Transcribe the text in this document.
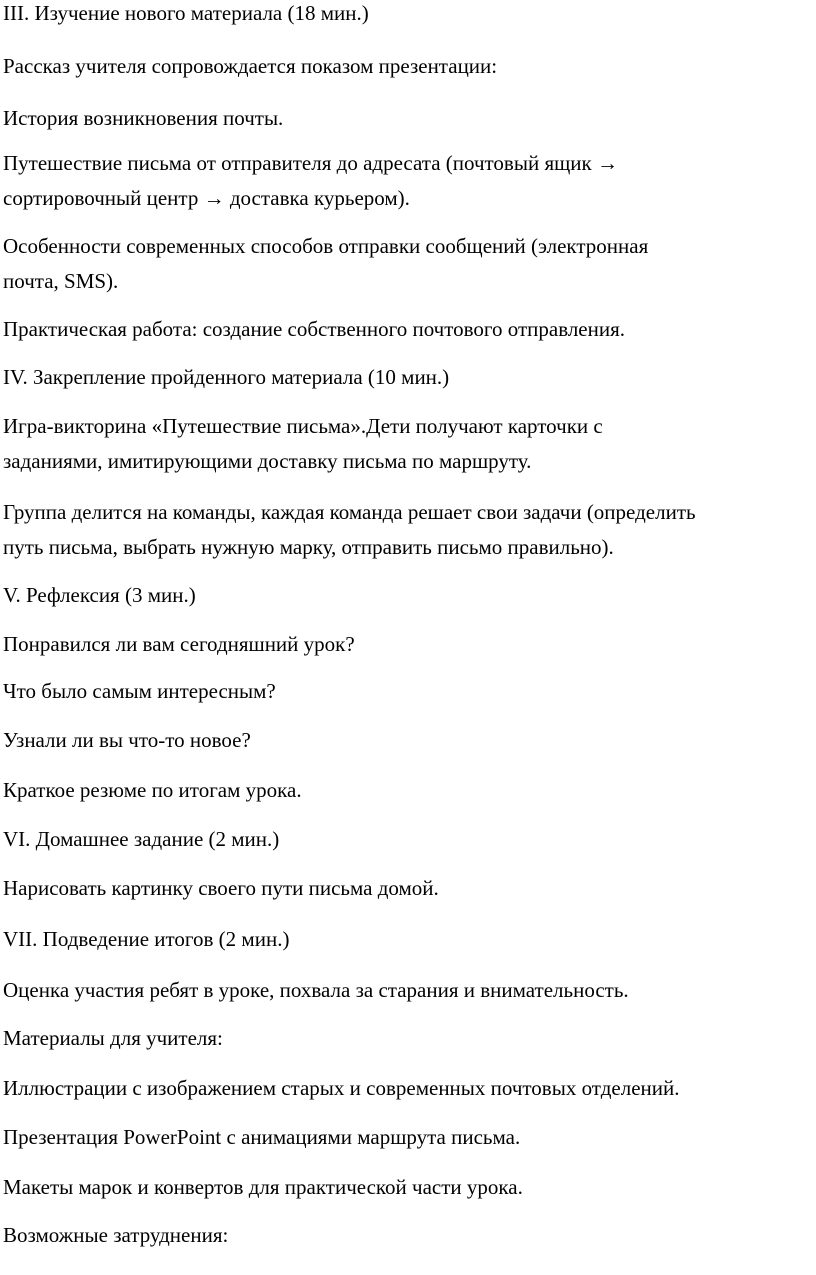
III. Изучение нового материала (18 мин.)

Рассказ учителя сопровождается показом презентации:

История возникновения почты.

Путешествие письма от отправителя до адресата (почтовый ящик →
сортировочный центр → доставка курьером).

Особенности современных способов отправки сообщений (электронная
почта, SMS).

Практическая работа: создание собственного почтового отправления.

IV. Закрепление пройденного материала (10 мин.)

Игра-викторина «Путешествие письма».Дети получают карточки с
заданиями, имитирующими доставку письма по маршруту.

Группа делится на команды, каждая команда решает свои задачи (определить
путь письма, выбрать нужную марку, отправить письмо правильно).

V. Рефлексия (3 мин.)

Понравился ли вам сегодняшний урок?

Что было самым интересным?

Узнали ли вы что-то новое?

Краткое резюме по итогам урока.

VI. Домашнее задание (2 мин.)

Нарисовать картинку своего пути письма домой.

VII. Подведение итогов (2 мин.)

Оценка участия ребят в уроке, похвала за старания и внимательность.

Материалы для учителя:

Иллюстрации с изображением старых и современных почтовых отделений.

Презентация PowerPoint с анимациями маршрута письма.

Макеты марок и конвертов для практической части урока.

Возможные затруднения:
